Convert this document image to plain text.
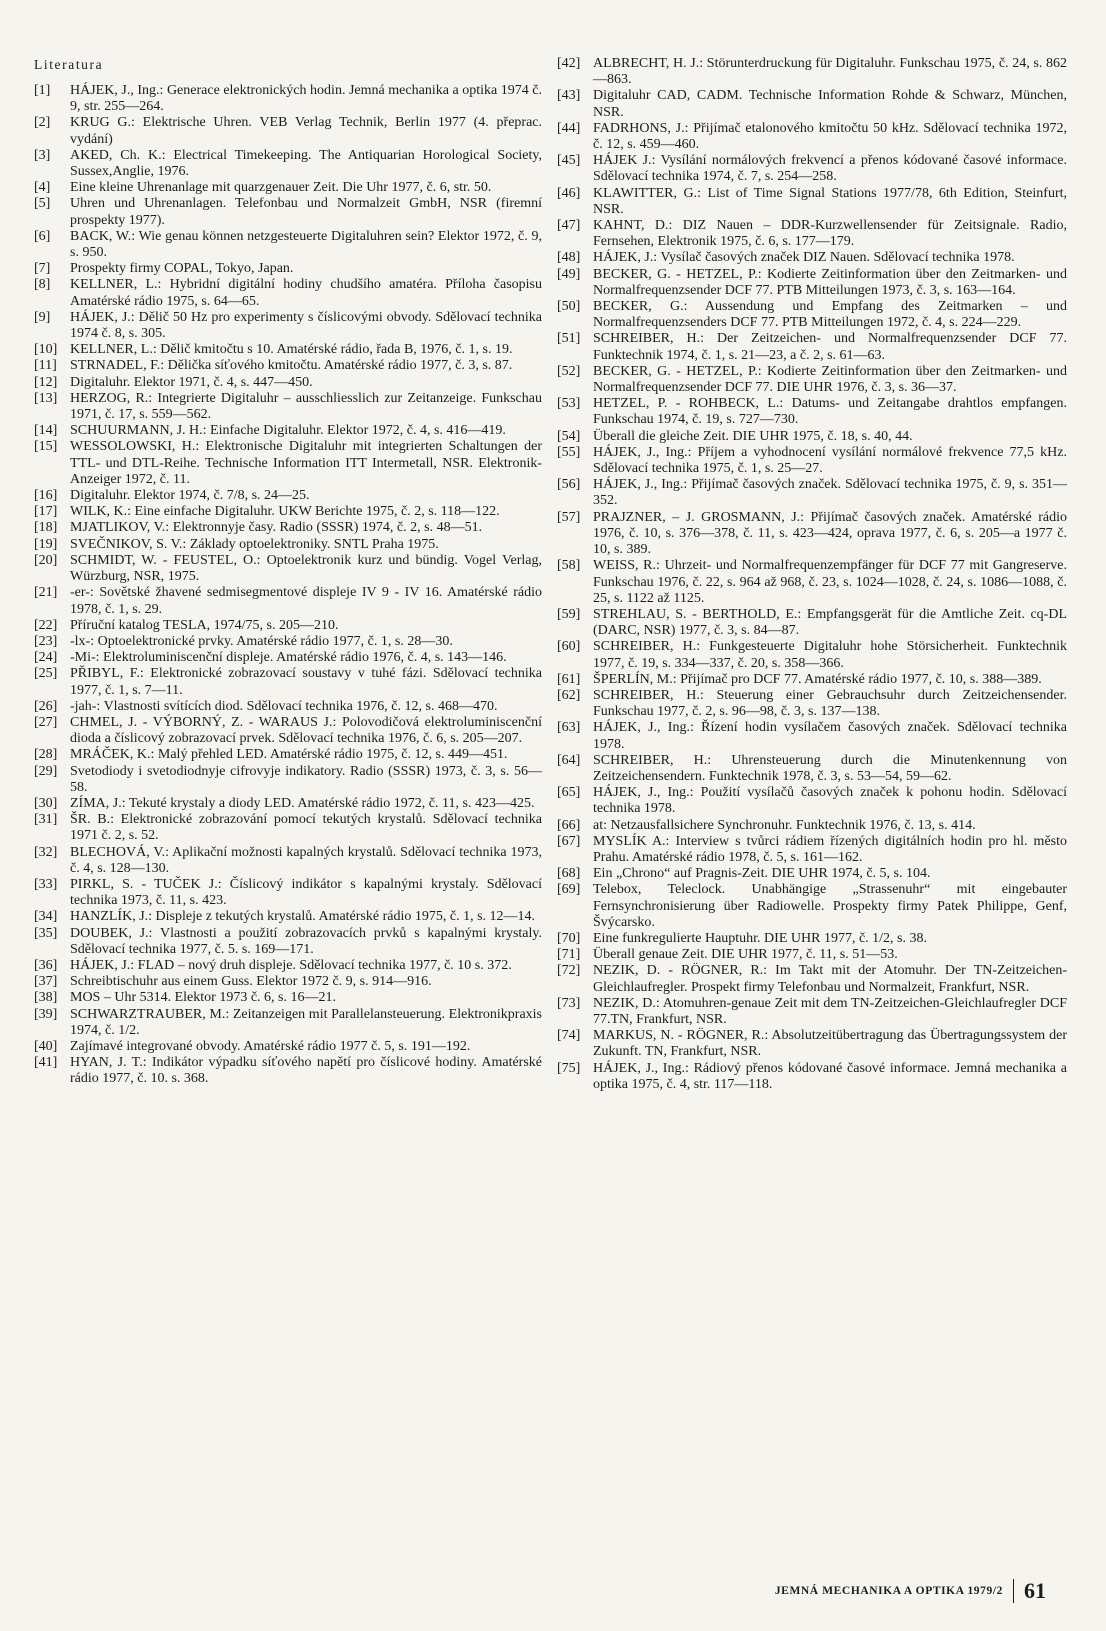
Literatura
[1]	HÁJEK, J., Ing.: Generace elektronických hodin. Jemná mechanika a optika 1974 č. 9, str. 255—264.
[2]	KRUG G.: Elektrische Uhren. VEB Verlag Technik, Berlin 1977 (4. přeprac. vydání)
[3]	AKED, Ch. K.: Electrical Timekeeping. The Antiquarian Horological Society, Sussex,Anglie, 1976.
[4]	Eine kleine Uhrenanlage mit quarzgenauer Zeit. Die Uhr 1977, č. 6, str. 50.
[5]	Uhren und Uhrenanlagen. Telefonbau und Normalzeit GmbH, NSR (firemní prospekty 1977).
[6]	BACK, W.: Wie genau können netzgesteuerte Digitaluhren sein? Elektor 1972, č. 9, s. 950.
[7]	Prospekty firmy COPAL, Tokyo, Japan.
[8]	KELLNER, L.: Hybridní digitální hodiny chudšího amatéra. Příloha časopisu Amatérské rádio 1975, s. 64—65.
[9]	HÁJEK, J.: Dělič 50 Hz pro experimenty s číslicovými obvody. Sdělovací technika 1974 č. 8, s. 305.
[10] KELLNER, L.: Dělič kmitočtu s 10. Amatérské rádio, řada B, 1976, č. 1, s. 19.
[11] STRNADEL, F.: Dělička síťového kmitočtu. Amatérské rádio 1977, č. 3, s. 87.
[12] Digitaluhr. Elektor 1971, č. 4, s. 447—450.
[13] HERZOG, R.: Integrierte Digitaluhr – ausschliesslich zur Zeitanzeige. Funkschau 1971, č. 17, s. 559—562.
[14] SCHUURMANN, J. H.: Einfache Digitaluhr. Elektor 1972, č. 4, s. 416—419.
[15] WESSOLOWSKI, H.: Elektronische Digitaluhr mit integrierten Schaltungen der TTL- und DTL-Reihe. Technische Information ITT Intermetall, NSR. Elektronik-Anzeiger 1972, č. 11.
[16] Digitaluhr. Elektor 1974, č. 7/8, s. 24—25.
[17] WILK, K.: Eine einfache Digitaluhr. UKW Berichte 1975, č. 2, s. 118—122.
[18] MJATLIKOV, V.: Elektronnyje časy. Radio (SSSR) 1974, č. 2, s. 48—51.
[19] SVEČNIKOV, S. V.: Základy optoelektroniky. SNTL Praha 1975.
[20] SCHMIDT, W. - FEUSTEL, O.: Optoelektronik kurz und bündig. Vogel Verlag, Würzburg, NSR, 1975.
[21] -er-: Sovětské žhavené sedmisegmentové displeje IV 9 - IV 16. Amatérské rádio 1978, č. 1, s. 29.
[22] Příruční katalog TESLA, 1974/75, s. 205—210.
[23] -lx-: Optoelektronické prvky. Amatérské rádio 1977, č. 1, s. 28—30.
[24] -Mi-: Elektroluminiscenční displeje. Amatérské rádio 1976, č. 4, s. 143—146.
[25] PŘIBYL, F.: Elektronické zobrazovací soustavy v tuhé fázi. Sdělovací technika 1977, č. 1, s. 7—11.
[26] -jah-: Vlastnosti svítících diod. Sdělovací technika 1976, č. 12, s. 468—470.
[27] CHMEL, J. - VÝBORNÝ, Z. - WARAUS J.: Polovodičová elektroluminiscenční dioda a číslicový zobrazovací prvek. Sdělovací technika 1976, č. 6, s. 205—207.
[28] MRÁČEK, K.: Malý přehled LED. Amatérské rádio 1975, č. 12, s. 449—451.
[29] Svetodiody i svetodiodnyje cifrovyje indikatory. Radio (SSSR) 1973, č. 3, s. 56—58.
[30] ZÍMA, J.: Tekuté krystaly a diody LED. Amatérské rádio 1972, č. 11, s. 423—425.
[31] ŠR. B.: Elektronické zobrazování pomocí tekutých krystalů. Sdělovací technika 1971 č. 2, s. 52.
[32] BLECHOVÁ, V.: Aplikační možnosti kapalných krystalů. Sdělovací technika 1973, č. 4, s. 128—130.
[33] PIRKL, S. - TUČEK J.: Číslicový indikátor s kapalnými krystaly. Sdělovací technika 1973, č. 11, s. 423.
[34] HANZLÍK, J.: Displeje z tekutých krystalů. Amatérské rádio 1975, č. 1, s. 12—14.
[35] DOUBEK, J.: Vlastnosti a použití zobrazovacích prvků s kapalnými krystaly. Sdělovací technika 1977, č. 5. s. 169—171.
[36] HÁJEK, J.: FLAD – nový druh displeje. Sdělovací technika 1977, č. 10 s. 372.
[37] Schreibtischuhr aus einem Guss. Elektor 1972 č. 9, s. 914—916.
[38] MOS – Uhr 5314. Elektor 1973 č. 6, s. 16—21.
[39] SCHWARZTRAUBER, M.: Zeitanzeigen mit Parallelansteuerung. Elektronikpraxis 1974, č. 1/2.
[40] Zajímavé integrované obvody. Amatérské rádio 1977 č. 5, s. 191—192.
[41] HYAN, J. T.: Indikátor výpadku síťového napětí pro číslicové hodiny. Amatérské rádio 1977, č. 10. s. 368.
[42] ALBRECHT, H. J.: Störunterdruckung für Digitaluhr. Funkschau 1975, č. 24, s. 862—863.
[43] Digitaluhr CAD, CADM. Technische Information Rohde & Schwarz, München, NSR.
[44] FADRHONS, J.: Přijímač etalonového kmitočtu 50 kHz. Sdělovací technika 1972, č. 12, s. 459—460.
[45] HÁJEK J.: Vysílání normálových frekvencí a přenos kódované časové informace. Sdělovací technika 1974, č. 7, s. 254—258.
[46] KLAWITTER, G.: List of Time Signal Stations 1977/78, 6th Edition, Steinfurt, NSR.
[47] KAHNT, D.: DIZ Nauen – DDR-Kurzwellensender für Zeitsignale. Radio, Fernsehen, Elektronik 1975, č. 6, s. 177—179.
[48] HÁJEK, J.: Vysílač časových značek DIZ Nauen. Sdělovací technika 1978.
[49] BECKER, G. - HETZEL, P.: Kodierte Zeitinformation über den Zeitmarken- und Normalfrequenzsender DCF 77. PTB Mitteilungen 1973, č. 3, s. 163—164.
[50] BECKER, G.: Aussendung und Empfang des Zeitmarken – und Normalfrequenzsenders DCF 77. PTB Mitteilungen 1972, č. 4, s. 224—229.
[51] SCHREIBER, H.: Der Zeitzeichen- und Normalfrequenzsender DCF 77. Funktechnik 1974, č. 1, s. 21—23, a č. 2, s. 61—63.
[52] BECKER, G. - HETZEL, P.: Kodierte Zeitinformation über den Zeitmarken- und Normalfrequenzsender DCF 77. DIE UHR 1976, č. 3, s. 36—37.
[53] HETZEL, P. - ROHBECK, L.: Datums- und Zeitangabe drahtlos empfangen. Funkschau 1974, č. 19, s. 727—730.
[54] Überall die gleiche Zeit. DIE UHR 1975, č. 18, s. 40, 44.
[55] HÁJEK, J., Ing.: Příjem a vyhodnocení vysílání normálové frekvence 77,5 kHz. Sdělovací technika 1975, č. 1, s. 25—27.
[56] HÁJEK, J., Ing.: Přijímač časových značek. Sdělovací technika 1975, č. 9, s. 351—352.
[57] PRAJZNER, – J. GROSMANN, J.: Přijímač časových značek. Amatérské rádio 1976, č. 10, s. 376—378, č. 11, s. 423—424, oprava 1977, č. 6, s. 205—a 1977 č. 10, s. 389.
[58] WEISS, R.: Uhrzeit- und Normalfrequenzempfänger für DCF 77 mit Gangreserve. Funkschau 1976, č. 22, s. 964 až 968, č. 23, s. 1024—1028, č. 24, s. 1086—1088, č. 25, s. 1122 až 1125.
[59] STREHLAU, S. - BERTHOLD, E.: Empfangsgerät für die Amtliche Zeit. cq-DL (DARC, NSR) 1977, č. 3, s. 84—87.
[60] SCHREIBER, H.: Funkgesteuerte Digitaluhr hohe Störsicherheit. Funktechnik 1977, č. 19, s. 334—337, č. 20, s. 358—366.
[61] ŠPERLÍN, M.: Přijímač pro DCF 77. Amatérské rádio 1977, č. 10, s. 388—389.
[62] SCHREIBER, H.: Steuerung einer Gebrauchsuhr durch Zeitzeichensender. Funkschau 1977, č. 2, s. 96—98, č. 3, s. 137—138.
[63] HÁJEK, J., Ing.: Řízení hodin vysílačem časových značek. Sdělovací technika 1978.
[64] SCHREIBER, H.: Uhrensteuerung durch die Minutenkennung von Zeitzeichensendern. Funktechnik 1978, č. 3, s. 53—54, 59—62.
[65] HÁJEK, J., Ing.: Použití vysílačů časových značek k pohonu hodin. Sdělovací technika 1978.
[66] at: Netzausfallsichere Synchronuhr. Funktechnik 1976, č. 13, s. 414.
[67] MYSLÍK A.: Interview s tvůrci rádiem řízených digitálních hodin pro hl. město Prahu. Amatérské rádio 1978, č. 5, s. 161—162.
[68] Ein „Chrono“ auf Pragnis-Zeit. DIE UHR 1974, č. 5, s. 104.
[69] Telebox, Teleclock. Unabhängige „Strassenuhr“ mit eingebauter Fernsynchronisierung über Radiowelle. Prospekty firmy Patek Philippe, Genf, Švýcarsko.
[70] Eine funkregulierte Hauptuhr. DIE UHR 1977, č. 1/2, s. 38.
[71] Überall genaue Zeit. DIE UHR 1977, č. 11, s. 51—53.
[72] NEZIK, D. - RÖGNER, R.: Im Takt mit der Atomuhr. Der TN-Zeitzeichen-Gleichlaufregler. Prospekt firmy Telefonbau und Normalzeit, Frankfurt, NSR.
[73] NEZIK, D.: Atomuhren-genaue Zeit mit dem TN-Zeitzeichen-Gleichlaufregler DCF 77.TN, Frankfurt, NSR.
[74] MARKUS, N. - RÖGNER, R.: Absolutzeitübertragung das Übertragungssystem der Zukunft. TN, Frankfurt, NSR.
[75] HÁJEK, J., Ing.: Rádiový přenos kódované časové informace. Jemná mechanika a optika 1975, č. 4, str. 117—118.
JEMNÁ MECHANIKA A OPTIKA 1979/2 61
